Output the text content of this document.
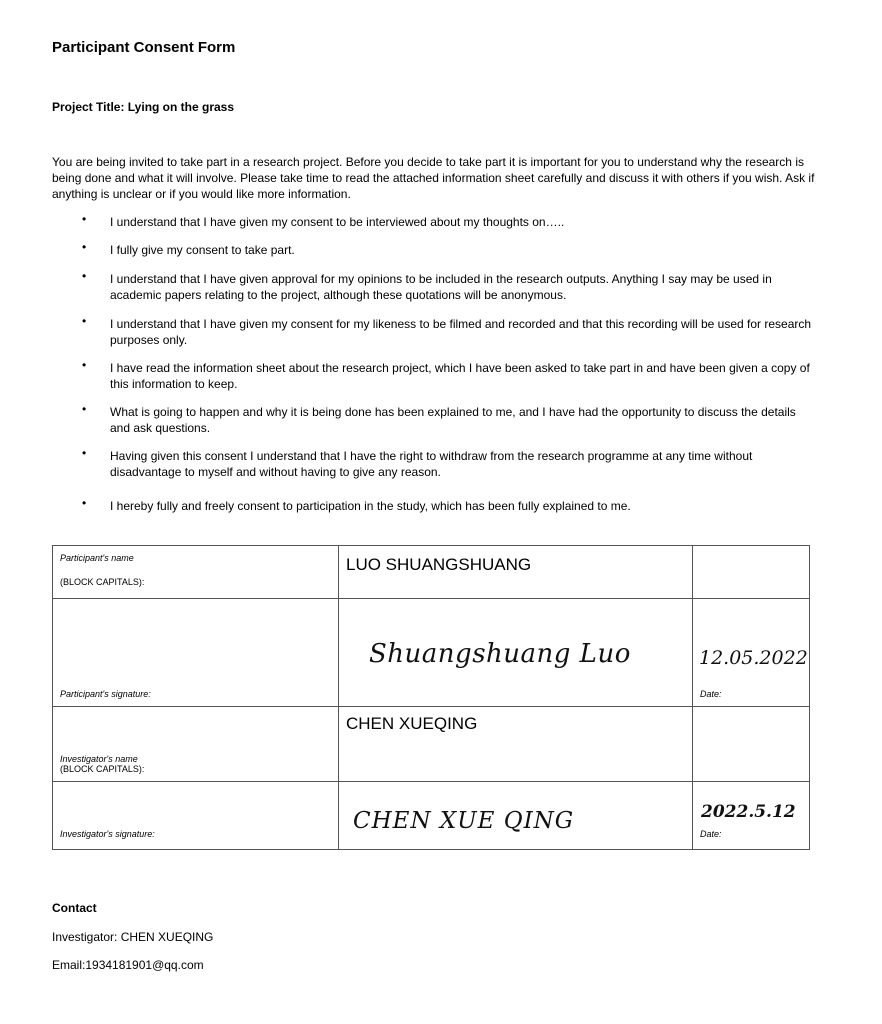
Participant Consent Form
Project Title: Lying on the grass
You are being invited to take part in a research project. Before you decide to take part it is important for you to understand why the research is being done and what it will involve. Please take time to read the attached information sheet carefully and discuss it with others if you wish. Ask if anything is unclear or if you would like more information.
• I understand that I have given my consent to be interviewed about my thoughts on…..
• I fully give my consent to take part.
• I understand that I have given approval for my opinions to be included in the research outputs. Anything I say may be used in academic papers relating to the project, although these quotations will be anonymous.
• I understand that I have given my consent for my likeness to be filmed and recorded and that this recording will be used for research purposes only.
• I have read the information sheet about the research project, which I have been asked to take part in and have been given a copy of this information to keep.
• What is going to happen and why it is being done has been explained to me, and I have had the opportunity to discuss the details and ask questions.
• Having given this consent I understand that I have the right to withdraw from the research programme at any time without disadvantage to myself and without having to give any reason.
• I hereby fully and freely consent to participation in the study, which has been fully explained to me.
Participant's name
(BLOCK CAPITALS):	LUO SHUANGSHUANG	

Participant's signature:	Shuangshuang Luo	12.05.2022
Date:

Investigator's name
(BLOCK CAPITALS):	CHEN XUEQING	

Investigator's signature:	CHEN XUE QING	2022.5.12
Date:
Contact
Investigator: CHEN XUEQING
Email:1934181901@qq.com
